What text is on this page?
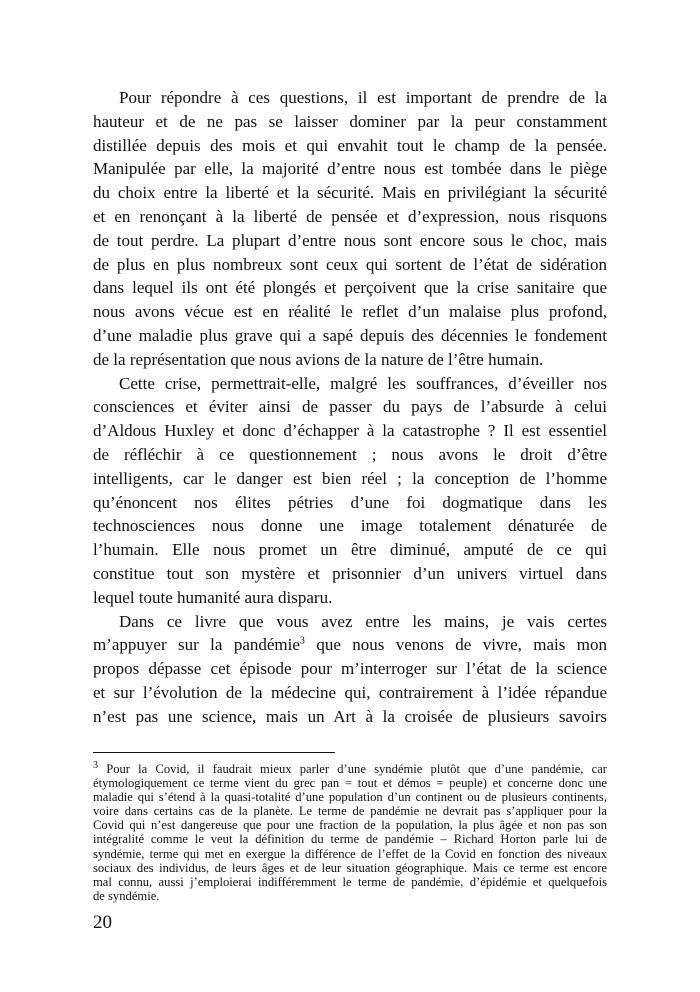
Pour répondre à ces questions, il est important de prendre de la
hauteur et de ne pas se laisser dominer par la peur constamment
distillée depuis des mois et qui envahit tout le champ de la pensée.
Manipulée par elle, la majorité d’entre nous est tombée dans le piège
du choix entre la liberté et la sécurité. Mais en privilégiant la sécurité
et en renonçant à la liberté de pensée et d’expression, nous risquons
de tout perdre. La plupart d’entre nous sont encore sous le choc, mais
de plus en plus nombreux sont ceux qui sortent de l’état de sidération
dans lequel ils ont été plongés et perçoivent que la crise sanitaire que
nous avons vécue est en réalité le reflet d’un malaise plus profond,
d’une maladie plus grave qui a sapé depuis des décennies le fondement
de la représentation que nous avions de la nature de l’être humain.
Cette crise, permettrait-elle, malgré les souffrances, d’éveiller nos
consciences et éviter ainsi de passer du pays de l’absurde à celui
d’Aldous Huxley et donc d’échapper à la catastrophe ? Il est essentiel
de réfléchir à ce questionnement ; nous avons le droit d’être
intelligents, car le danger est bien réel ; la conception de l’homme
qu’énoncent nos élites pétries d’une foi dogmatique dans les
technosciences nous donne une image totalement dénaturée de
l’humain. Elle nous promet un être diminué, amputé de ce qui
constitue tout son mystère et prisonnier d’un univers virtuel dans
lequel toute humanité aura disparu.
Dans ce livre que vous avez entre les mains, je vais certes
m’appuyer sur la pandémie$^3$ que nous venons de vivre, mais mon
propos dépasse cet épisode pour m’interroger sur l’état de la science
et sur l’évolution de la médecine qui, contrairement à l’idée répandue
n’est pas une science, mais un Art à la croisée de plusieurs savoirs
$^3$ Pour la Covid, il faudrait mieux parler d’une syndémie plutôt que d’une pandémie, car
étymologiquement ce terme vient du grec pan = tout et démos = peuple) et concerne donc une
maladie qui s’étend à la quasi-totalité d’une population d’un continent ou de plusieurs continents,
voire dans certains cas de la planète. Le terme de pandémie ne devrait pas s’appliquer pour la
Covid qui n’est dangereuse que pour une fraction de la population, la plus âgée et non pas son
intégralité comme le veut la définition du terme de pandémie – Richard Horton parle lui de
syndémie, terme qui met en exergue la différence de l’effet de la Covid en fonction des niveaux
sociaux des individus, de leurs âges et de leur situation géographique. Mais ce terme est encore
mal connu, aussi j’emploierai indifféremment le terme de pandémie, d’épidémie et quelquefois
de syndémie.
20
